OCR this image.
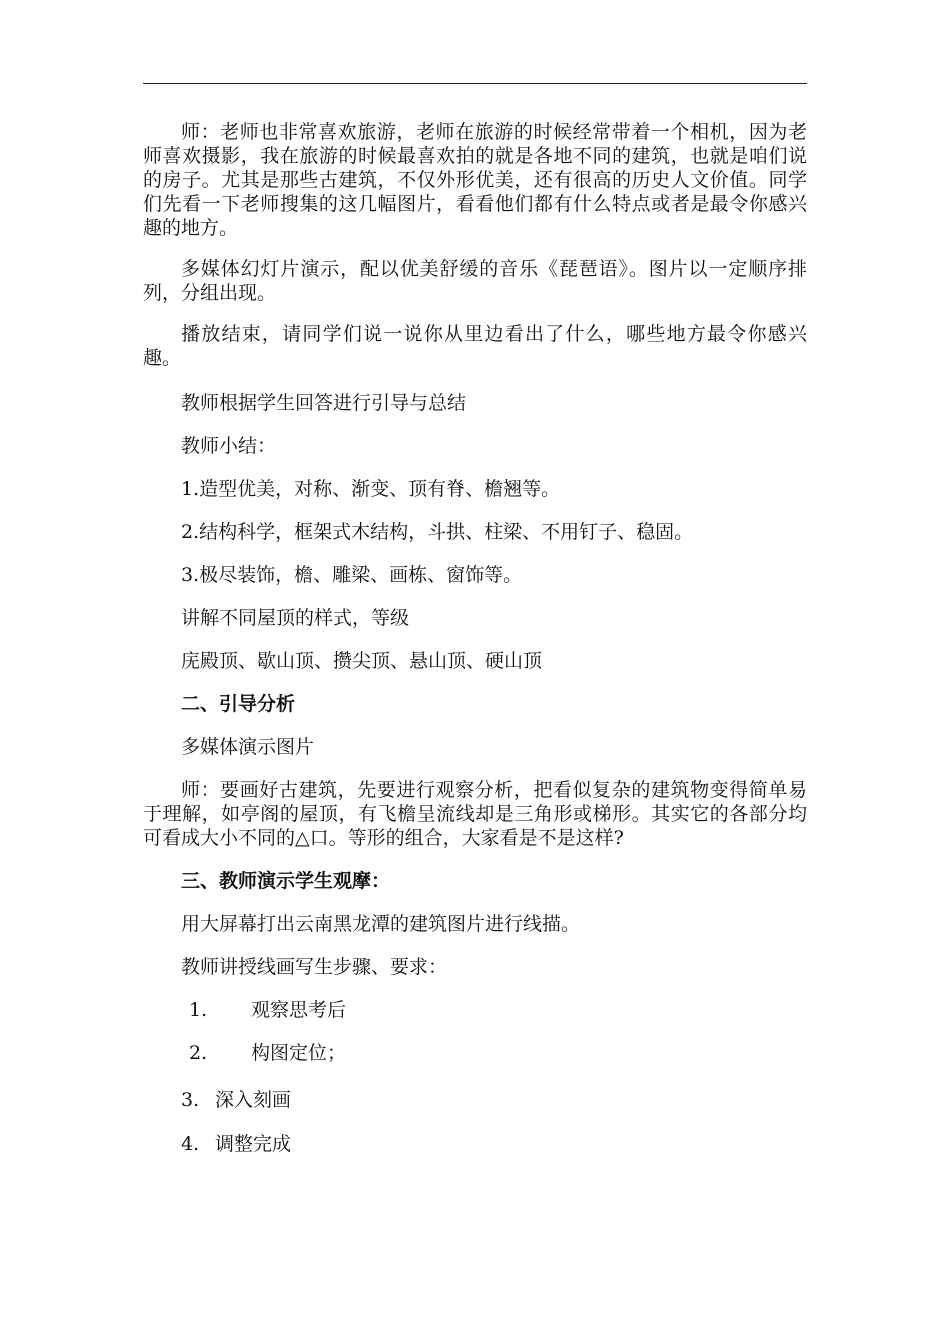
师：老师也非常喜欢旅游，老师在旅游的时候经常带着一个相机，因为老师喜欢摄影，我在旅游的时候最喜欢拍的就是各地不同的建筑，也就是咱们说的房子。尤其是那些古建筑，不仅外形优美，还有很高的历史人文价值。同学们先看一下老师搜集的这几幅图片，看看他们都有什么特点或者是最令你感兴趣的地方。

多媒体幻灯片演示，配以优美舒缓的音乐《琵琶语》。图片以一定顺序排列，分组出现。

播放结束，请同学们说一说你从里边看出了什么，哪些地方最令你感兴趣。

教师根据学生回答进行引导与总结

教师小结：

1.造型优美，对称、渐变、顶有脊、檐翘等。

2.结构科学，框架式木结构，斗拱、柱梁、不用钉子、稳固。

3.极尽装饰，檐、雕梁、画栋、窗饰等。

讲解不同屋顶的样式，等级

庑殿顶、歇山顶、攒尖顶、悬山顶、硬山顶

二、引导分析

多媒体演示图片

师：要画好古建筑，先要进行观察分析，把看似复杂的建筑物变得简单易于理解，如亭阁的屋顶，有飞檐呈流线却是三角形或梯形。其实它的各部分均可看成大小不同的△口。等形的组合，大家看是不是这样?

三、教师演示学生观摩：

用大屏幕打出云南黑龙潭的建筑图片进行线描。

教师讲授线画写生步骤、要求：

1. 观察思考后

2. 构图定位；

3. 深入刻画

4. 调整完成
